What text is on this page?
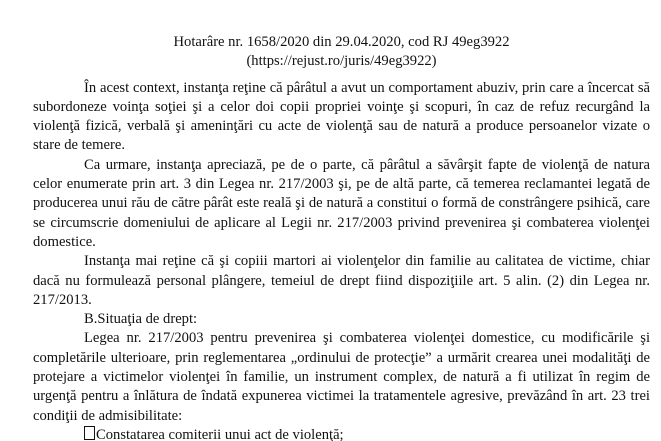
Hotarâre nr. 1658/2020 din 29.04.2020, cod RJ 49eg3922
(https://rejust.ro/juris/49eg3922)

În acest context, instanţa reţine că pârâtul a avut un comportament abuziv, prin care a încercat să subordoneze voinţa soţiei şi a celor doi copii propriei voinţe şi scopuri, în caz de refuz recurgând la violenţă fizică, verbală şi ameninţări cu acte de violenţă sau de natură a produce persoanelor vizate o stare de temere.

Ca urmare, instanţa apreciază, pe de o parte, că pârâtul a săvârşit fapte de violenţă de natura celor enumerate prin art. 3 din Legea nr. 217/2003 şi, pe de altă parte, că temerea reclamantei legată de producerea unui rău de către pârât este reală şi de natură a constitui o formă de constrângere psihică, care se circumscrie domeniului de aplicare al Legii nr. 217/2003 privind prevenirea şi combaterea violenţei domestice.

Instanţa mai reţine că şi copiii martori ai violenţelor din familie au calitatea de victime, chiar dacă nu formulează personal plângere, temeiul de drept fiind dispoziţiile art. 5 alin. (2) din Legea nr. 217/2013.

B.Situaţia de drept:

Legea nr. 217/2003 pentru prevenirea şi combaterea violenţei domestice, cu modificările şi completările ulterioare, prin reglementarea „ordinului de protecţie” a urmărit crearea unei modalităţi de protejare a victimelor violenţei în familie, un instrument complex, de natură a fi utilizat în regim de urgenţă pentru a înlătura de îndată expunerea victimei la tratamentele agresive, prevăzând în art. 23 trei condiţii de admisibilitate:

Constatarea comiterii unui act de violenţă;
